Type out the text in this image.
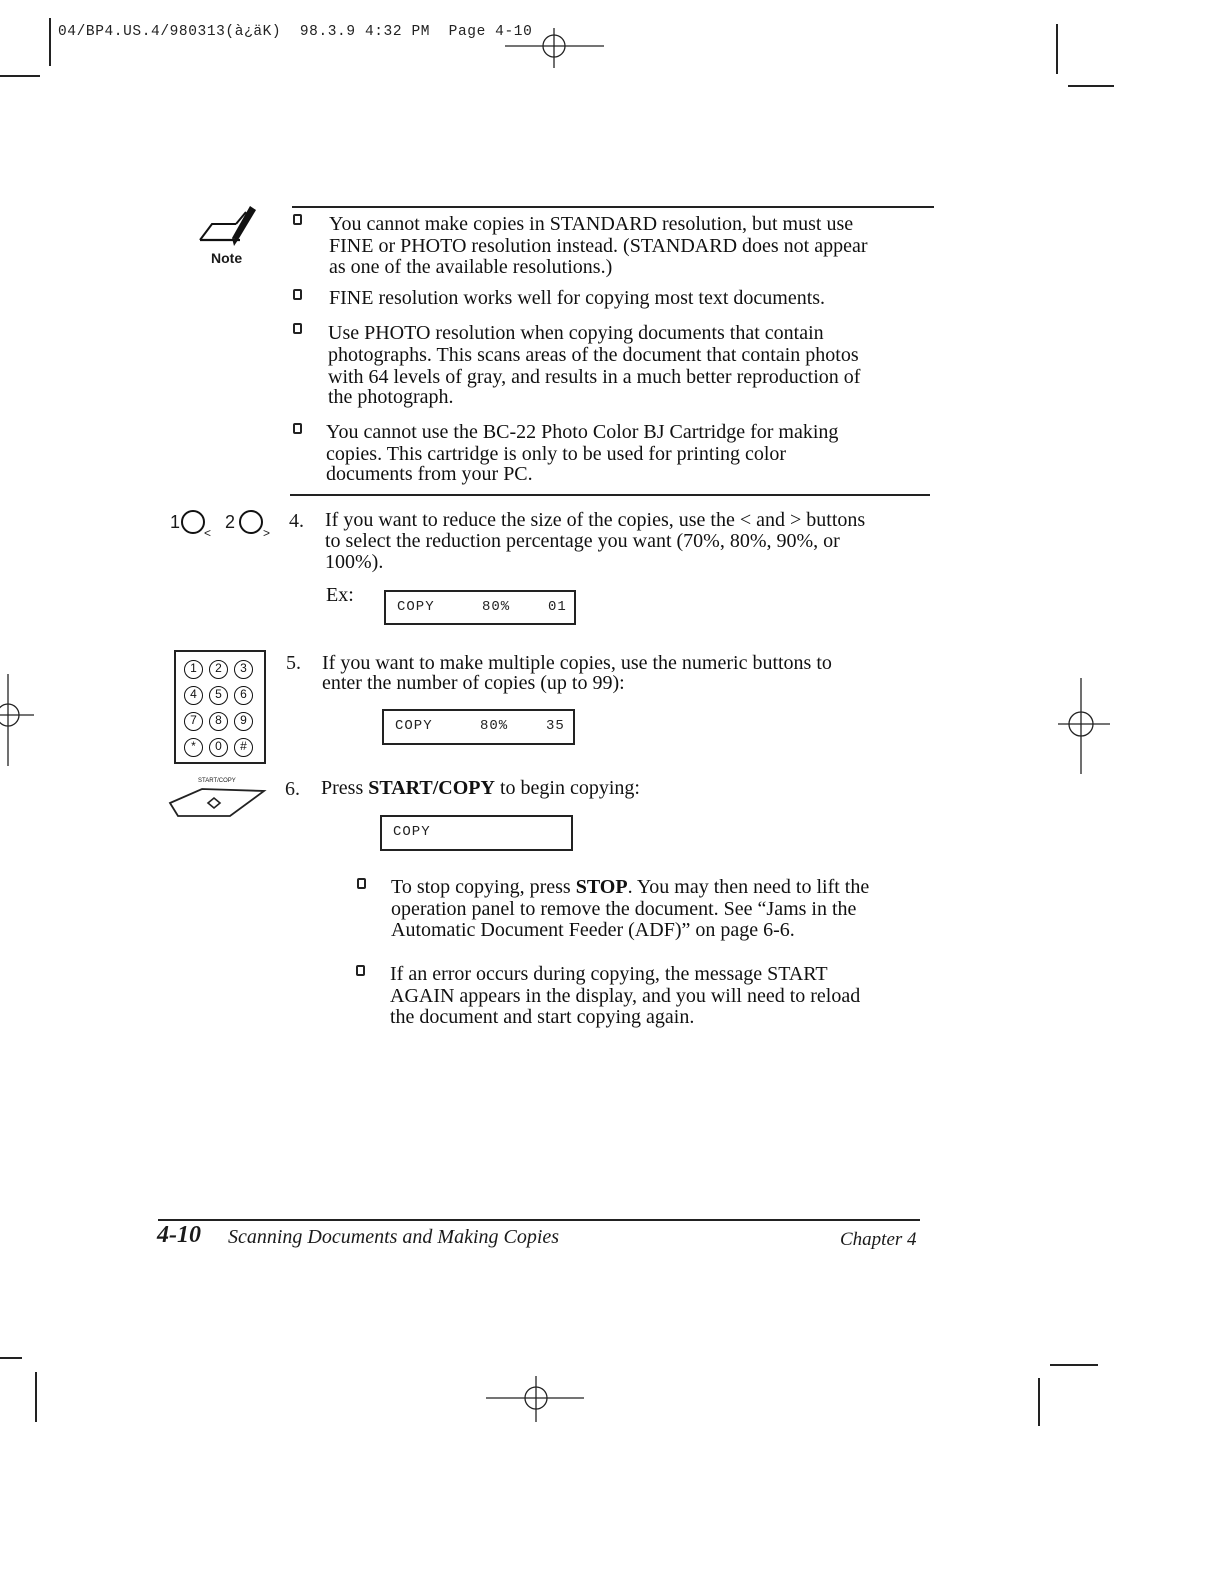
04/BP4.US.4/980313(à¿äK)  98.3.9 4:32 PM  Page 4-10
Note
You cannot make copies in STANDARD resolution, but must use
FINE or PHOTO resolution instead. (STANDARD does not appear
as one of the available resolutions.)
FINE resolution works well for copying most text documents.
Use PHOTO resolution when copying documents that contain
photographs. This scans areas of the document that contain photos
with 64 levels of gray, and results in a much better reproduction of
the photograph.
You cannot use the BC-22 Photo Color BJ Cartridge for making
copies. This cartridge is only to be used for printing color
documents from your PC.
1
<
2
>
4. If you want to reduce the size of the copies, use the < and > buttons
to select the reduction percentage you want (70%, 80%, 90%, or
100%).
Ex:
COPY	80%	01
1	2	3
4	5	6
7	8	9
*	0	#
5. If you want to make multiple copies, use the numeric buttons to
enter the number of copies (up to 99):
COPY	80%	35
START/COPY 6. Press START/COPY to begin copying:
COPY
To stop copying, press STOP. You may then need to lift the
operation panel to remove the document. See “Jams in the
Automatic Document Feeder (ADF)” on page 6-6.
If an error occurs during copying, the message START
AGAIN appears in the display, and you will need to reload
the document and start copying again.
4-10 Scanning Documents and Making Copies	Chapter 4
